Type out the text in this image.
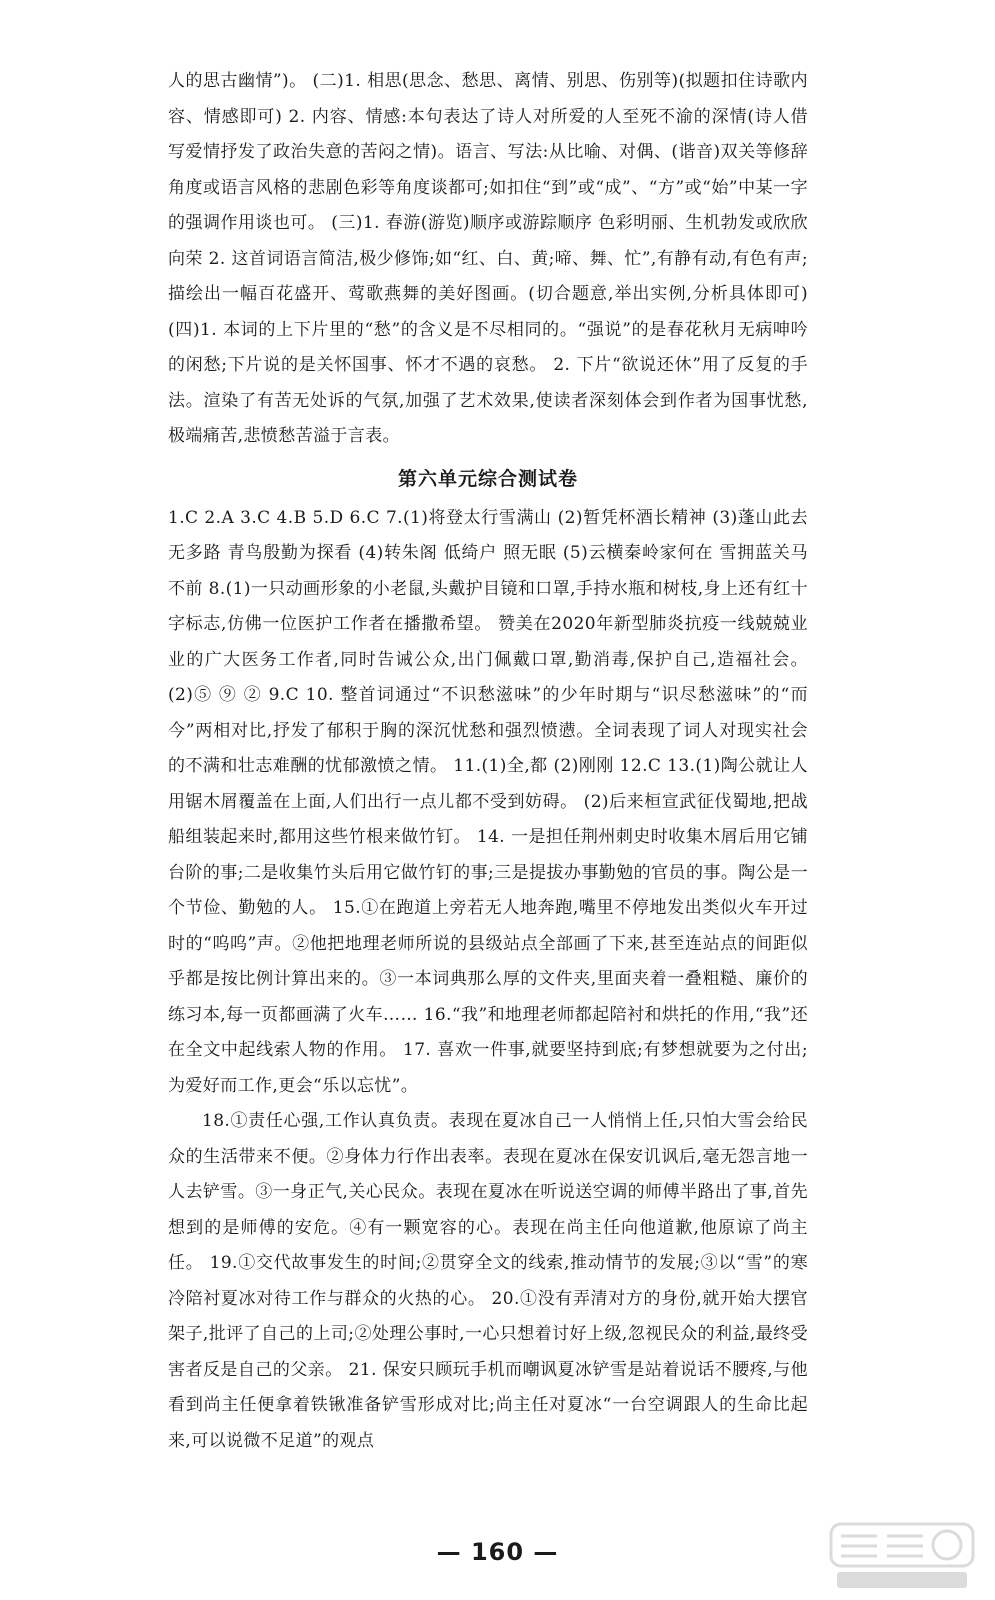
人的思古幽情”)。 (二)1. 相思(思念、愁思、离情、别思、伤别等)(拟题扣住诗歌内容、情感即可) 2. 内容、情感:本句表达了诗人对所爱的人至死不渝的深情(诗人借写爱情抒发了政治失意的苦闷之情)。语言、写法:从比喻、对偶、(谐音)双关等修辞角度或语言风格的悲剧色彩等角度谈都可;如扣住“到”或“成”、“方”或“始”中某一字的强调作用谈也可。 (三)1. 春游(游览)顺序或游踪顺序 色彩明丽、生机勃发或欣欣向荣 2. 这首词语言简洁,极少修饰;如“红、白、黄;啼、舞、忙”,有静有动,有色有声;描绘出一幅百花盛开、莺歌燕舞的美好图画。(切合题意,举出实例,分析具体即可) (四)1. 本词的上下片里的“愁”的含义是不尽相同的。“强说”的是春花秋月无病呻吟的闲愁;下片说的是关怀国事、怀才不遇的哀愁。 2. 下片“欲说还休”用了反复的手法。渲染了有苦无处诉的气氛,加强了艺术效果,使读者深刻体会到作者为国事忧愁,极端痛苦,悲愤愁苦溢于言表。

第六单元综合测试卷

1.C 2.A 3.C 4.B 5.D 6.C 7.(1)将登太行雪满山 (2)暂凭杯酒长精神 (3)蓬山此去无多路 青鸟殷勤为探看 (4)转朱阁 低绮户 照无眠 (5)云横秦岭家何在 雪拥蓝关马不前 8.(1)一只动画形象的小老鼠,头戴护目镜和口罩,手持水瓶和树枝,身上还有红十字标志,仿佛一位医护工作者在播撒希望。 赞美在2020年新型肺炎抗疫一线兢兢业业的广大医务工作者,同时告诫公众,出门佩戴口罩,勤消毒,保护自己,造福社会。 (2)⑤ ⑨ ② 9.C 10. 整首词通过“不识愁滋味”的少年时期与“识尽愁滋味”的“而今”两相对比,抒发了郁积于胸的深沉忧愁和强烈愤懑。全词表现了词人对现实社会的不满和壮志难酬的忧郁激愤之情。 11.(1)全,都 (2)刚刚 12.C 13.(1)陶公就让人用锯木屑覆盖在上面,人们出行一点儿都不受到妨碍。 (2)后来桓宣武征伐蜀地,把战船组装起来时,都用这些竹根来做竹钉。 14. 一是担任荆州刺史时收集木屑后用它铺台阶的事;二是收集竹头后用它做竹钉的事;三是提拔办事勤勉的官员的事。陶公是一个节俭、勤勉的人。 15.①在跑道上旁若无人地奔跑,嘴里不停地发出类似火车开过时的“呜呜”声。②他把地理老师所说的县级站点全部画了下来,甚至连站点的间距似乎都是按比例计算出来的。③一本词典那么厚的文件夹,里面夹着一叠粗糙、廉价的练习本,每一页都画满了火车…… 16.“我”和地理老师都起陪衬和烘托的作用,“我”还在全文中起线索人物的作用。 17. 喜欢一件事,就要坚持到底;有梦想就要为之付出;为爱好而工作,更会“乐以忘忧”。

18.①责任心强,工作认真负责。表现在夏冰自己一人悄悄上任,只怕大雪会给民众的生活带来不便。②身体力行作出表率。表现在夏冰在保安讥讽后,毫无怨言地一人去铲雪。③一身正气,关心民众。表现在夏冰在听说送空调的师傅半路出了事,首先想到的是师傅的安危。④有一颗宽容的心。表现在尚主任向他道歉,他原谅了尚主任。 19.①交代故事发生的时间;②贯穿全文的线索,推动情节的发展;③以“雪”的寒冷陪衬夏冰对待工作与群众的火热的心。 20.①没有弄清对方的身份,就开始大摆官架子,批评了自己的上司;②处理公事时,一心只想着讨好上级,忽视民众的利益,最终受害者反是自己的父亲。 21. 保安只顾玩手机而嘲讽夏冰铲雪是站着说话不腰疼,与他看到尚主任便拿着铁锹准备铲雪形成对比;尚主任对夏冰“一台空调跟人的生命比起来,可以说微不足道”的观点

— 160 —
